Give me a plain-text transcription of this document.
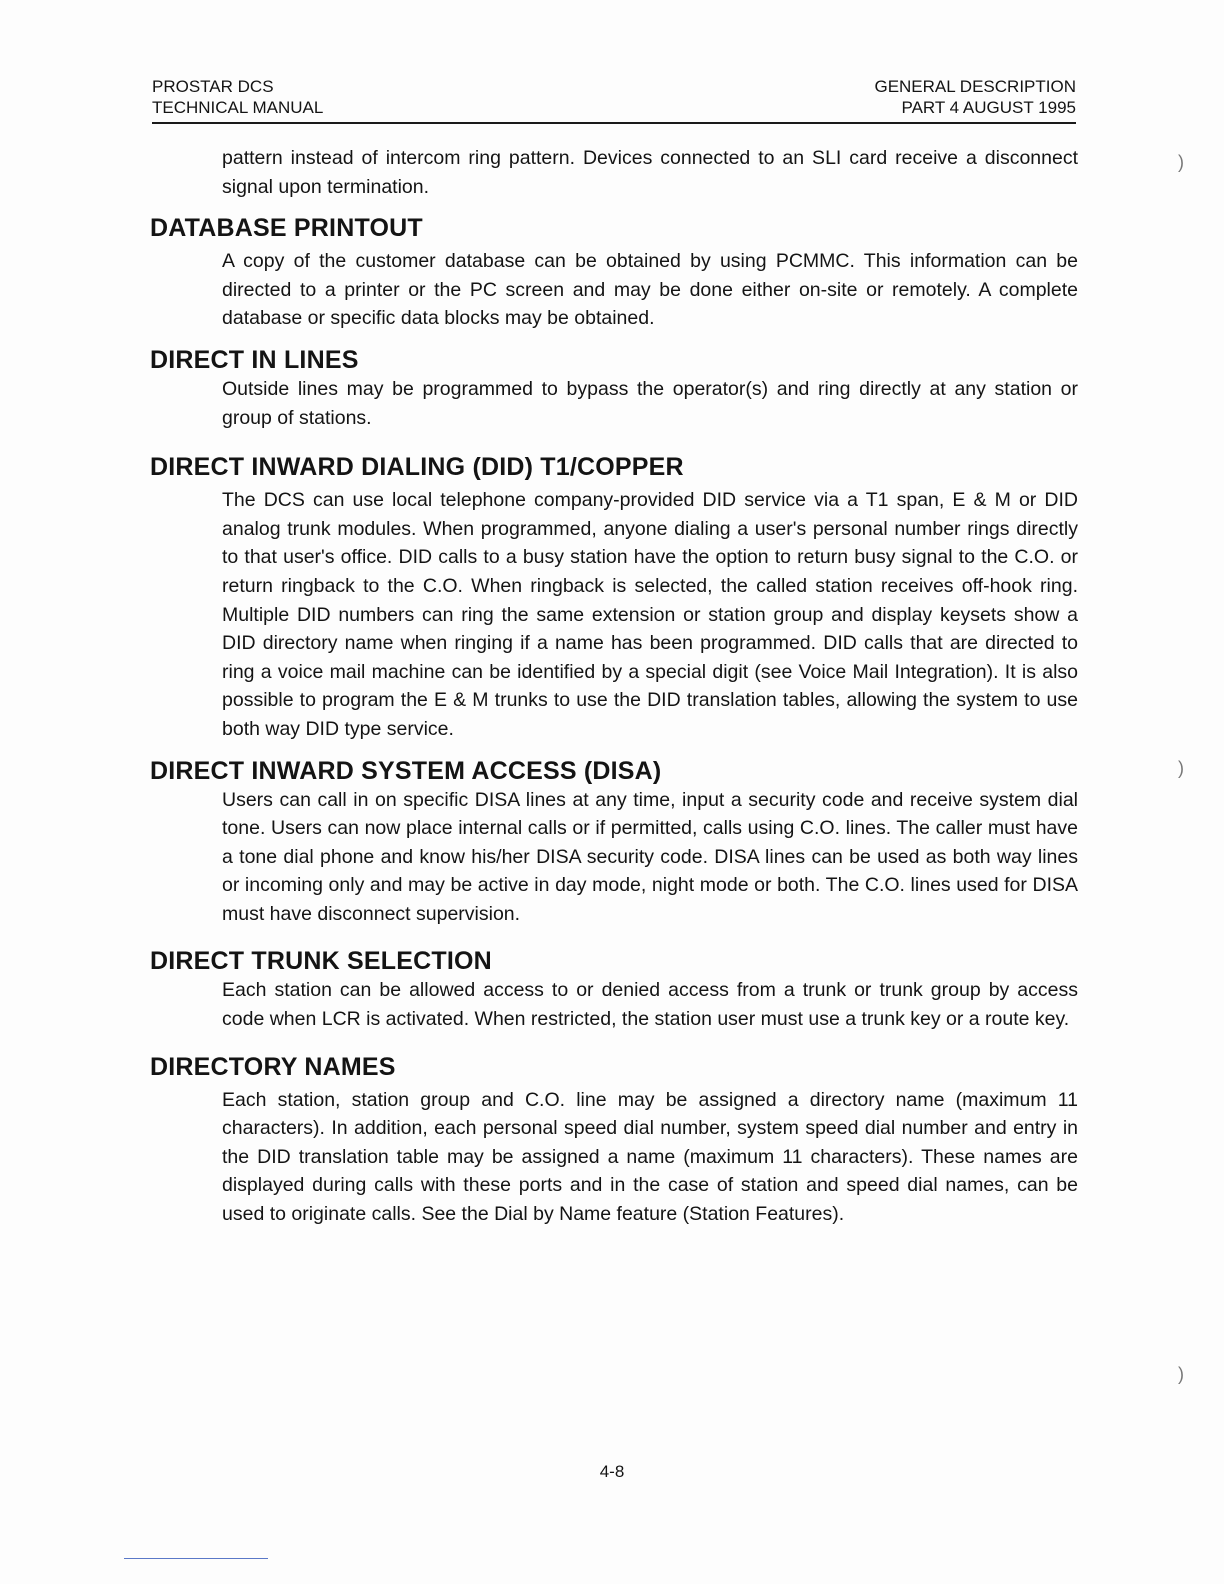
PROSTAR DCS
TECHNICAL MANUAL
GENERAL DESCRIPTION
PART 4 AUGUST 1995

pattern instead of intercom ring pattern. Devices connected to an SLI card receive a disconnect signal upon termination.

DATABASE PRINTOUT

A copy of the customer database can be obtained by using PCMMC. This information can be directed to a printer or the PC screen and may be done either on-site or remotely. A complete database or specific data blocks may be obtained.

DIRECT IN LINES

Outside lines may be programmed to bypass the operator(s) and ring directly at any station or group of stations.

DIRECT INWARD DIALING (DID) T1/COPPER

The DCS can use local telephone company-provided DID service via a T1 span, E & M or DID analog trunk modules. When programmed, anyone dialing a user's personal number rings directly to that user's office. DID calls to a busy station have the option to return busy signal to the C.O. or return ringback to the C.O. When ringback is selected, the called station receives off-hook ring. Multiple DID numbers can ring the same extension or station group and display keysets show a DID directory name when ringing if a name has been programmed. DID calls that are directed to ring a voice mail machine can be identified by a special digit (see Voice Mail Integration). It is also possible to program the E & M trunks to use the DID translation tables, allowing the system to use both way DID type service.

DIRECT INWARD SYSTEM ACCESS (DISA)

Users can call in on specific DISA lines at any time, input a security code and receive system dial tone. Users can now place internal calls or if permitted, calls using C.O. lines. The caller must have a tone dial phone and know his/her DISA security code. DISA lines can be used as both way lines or incoming only and may be active in day mode, night mode or both. The C.O. lines used for DISA must have disconnect supervision.

DIRECT TRUNK SELECTION

Each station can be allowed access to or denied access from a trunk or trunk group by access code when LCR is activated. When restricted, the station user must use a trunk key or a route key.

DIRECTORY NAMES

Each station, station group and C.O. line may be assigned a directory name (maximum 11 characters). In addition, each personal speed dial number, system speed dial number and entry in the DID translation table may be assigned a name (maximum 11 characters). These names are displayed during calls with these ports and in the case of station and speed dial names, can be used to originate calls. See the Dial by Name feature (Station Features).

4-8
)
)
)
